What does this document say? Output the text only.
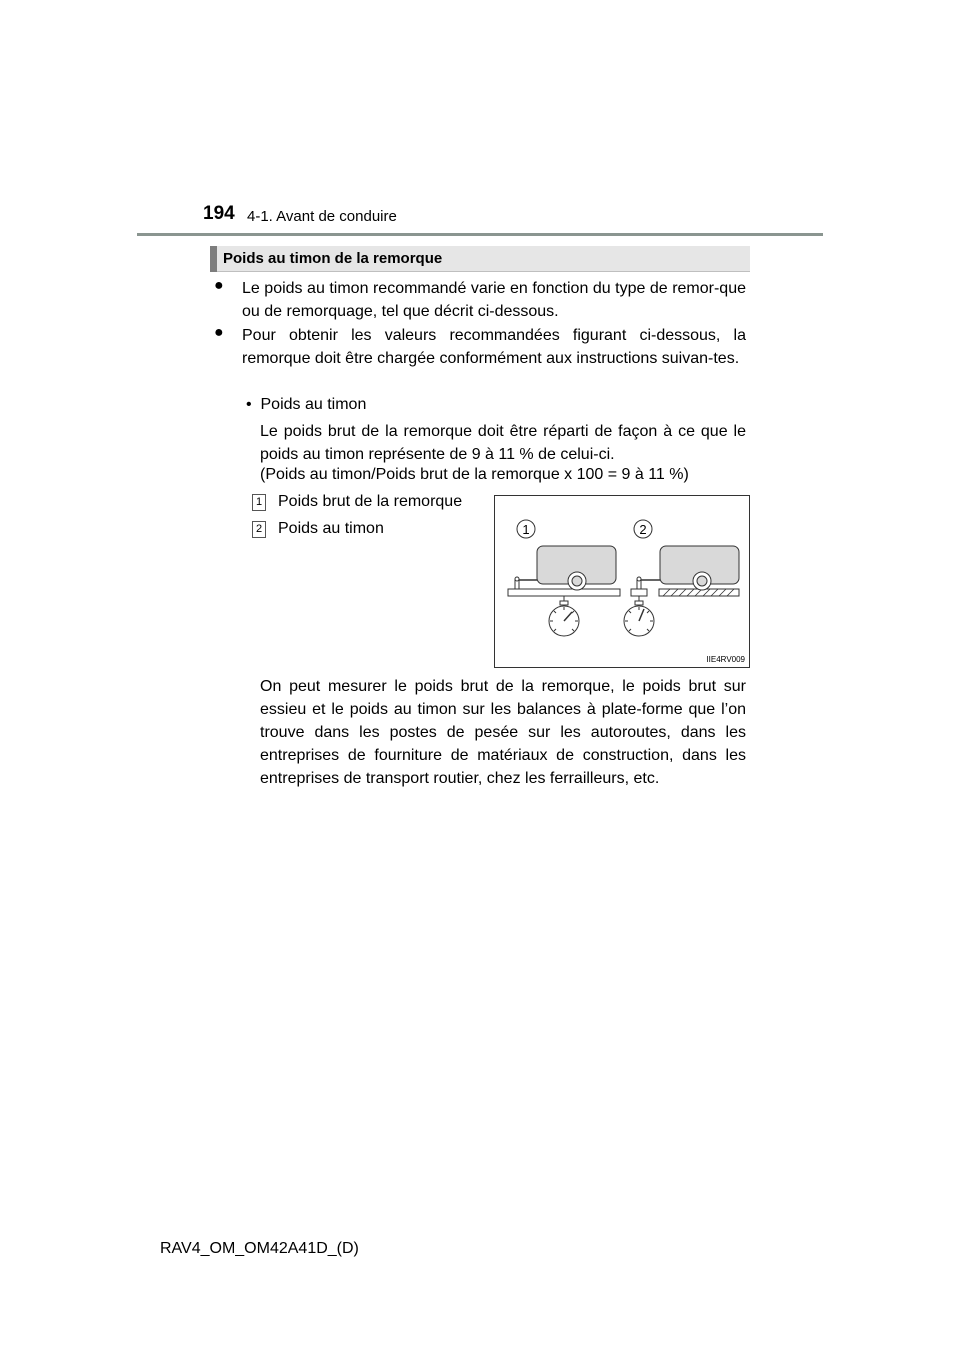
194 4-1. Avant de conduire
Poids au timon de la remorque
● Le poids au timon recommandé varie en fonction du type de remor-que ou de remorquage, tel que décrit ci-dessous.
● Pour obtenir les valeurs recommandées figurant ci-dessous, la remorque doit être chargée conformément aux instructions suivan-tes.
•  Poids au timon
Le poids brut de la remorque doit être réparti de façon à ce que le poids au timon représente de 9 à 11 % de celui-ci.
(Poids au timon/Poids brut de la remorque x 100 = 9 à 11 %)
1 Poids brut de la remorque
2 Poids au timon	1	2
IIE4RV009
On peut mesurer le poids brut de la remorque, le poids brut sur essieu et le poids au timon sur les balances à plate-forme que l’on trouve dans les postes de pesée sur les autoroutes, dans les entreprises de fourniture de matériaux de construction, dans les entreprises de transport routier, chez les ferrailleurs, etc.
RAV4_OM_OM42A41D_(D)
